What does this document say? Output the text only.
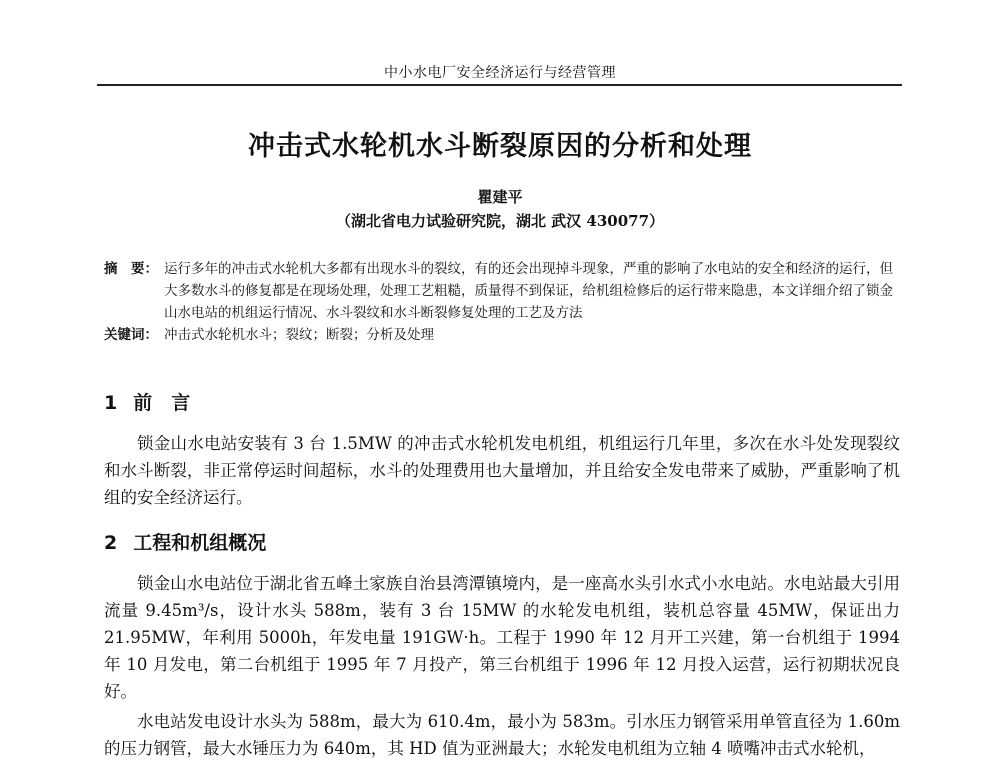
中小水电厂安全经济运行与经营管理
冲击式水轮机水斗断裂原因的分析和处理
瞿建平
（湖北省电力试验研究院，湖北 武汉 430077）
摘　要： 运行多年的冲击式水轮机大多都有出现水斗的裂纹，有的还会出现掉斗现象，严重的影响了水电站的安全和经济的运行，但大多数水斗的修复都是在现场处理，处理工艺粗糙，质量得不到保证，给机组检修后的运行带来隐患，本文详细介绍了锁金山水电站的机组运行情况、水斗裂纹和水斗断裂修复处理的工艺及方法
关键词： 冲击式水轮机水斗；裂纹；断裂；分析及处理
1 前　言
锁金山水电站安装有 3 台 1.5MW 的冲击式水轮机发电机组，机组运行几年里，多次在水斗处发现裂纹和水斗断裂，非正常停运时间超标，水斗的处理费用也大量增加，并且给安全发电带来了威胁，严重影响了机组的安全经济运行。
2 工程和机组概况
锁金山水电站位于湖北省五峰土家族自治县湾潭镇境内，是一座高水头引水式小水电站。水电站最大引用流量 9.45m³/s，设计水头 588m，装有 3 台 15MW 的水轮发电机组，装机总容量 45MW，保证出力 21.95MW，年利用 5000h，年发电量 191GW·h。工程于 1990 年 12 月开工兴建，第一台机组于 1994 年 10 月发电，第二台机组于 1995 年 7 月投产，第三台机组于 1996 年 12 月投入运营，运行初期状况良好。
水电站发电设计水头为 588m，最大为 610.4m，最小为 583m。引水压力钢管采用单管直径为 1.60m 的压力钢管，最大水锤压力为 640m，其 HD 值为亚洲最大；水轮发电机组为立轴 4 喷嘴冲击式水轮机，
